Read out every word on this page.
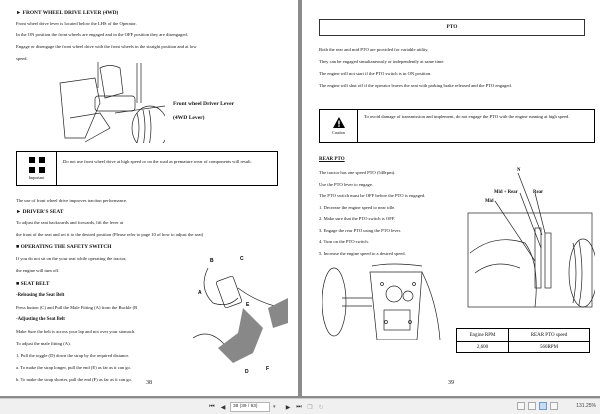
► FRONT WHEEL DRIVE LEVER (4WD)
Front wheel drive lever is located below the LHS of the Operator.
In the ON position the front wheels are engaged and in the OFF position they are disengaged.
Engage or disengage the front wheel drive with the front wheels in the straight position and at low
speed.
Front wheel Driver Lever
(4WD Lever)
Important
Do not use front wheel drive at high speed or on the road as premature wear of components will result.
The use of front wheel drive improves traction performance.
► DRIVER'S SEAT
To adjust the seat backwards and forwards, lift the lever at
the front of the seat and set it to the desired position (Please refer to page 10 of how to adjust the seat)
■ OPERATING THE SAFETY SWITCH
If you do not sit on the your seat while operating the tractor,
the engine will turn off.
■ SEAT BELT
-Releasing the Seat Belt
Press button (C) and Pull the Male Fitting (A) from the Buckle (B
-Adjusting the Seat Belt
Make Sure the belt is across your lap and not over your stomach.
To adjust the male fitting (A).
1. Pull the toggle (D) down the strap by the required distance.
a. To make the strap longer, pull the end (E) as far as it can go.
b. To make the strap shorter, pull the end (F) as far as it can go.
B	C
A
E
D	F
38
PTO
Both the rear and mid PTO are provided for variable utility.
They can be engaged simultaneously or independently at same time.
The engine will not start if the PTO switch is in ON position.
The engine will shut off if the operator leaves the seat with parking brake released and the PTO engaged.
Caution
To avoid damage of transmission and implement, do not engage the PTO with the engine running at high speed.
REAR PTO
The tractor has one speed PTO (540rpm).
Use the PTO lever to engage.
The PTO switch must be OFF before the PTO is engaged.
1. Decrease the engine speed to near idle.
2. Make sure that the PTO switch is OFF.
3. Engage the rear PTO using the PTO lever.
4. Turn on the PTO switch.
5. Increase the engine speed to a desired speed.
N
Mid + Rear	Rear
Mid
Engine RPM	REAR PTO speed
2,600	560RPM
39
⏮ ◀	38 (39 / 93)	▾	▶ ⏭ ❐ ↻	131.25%
